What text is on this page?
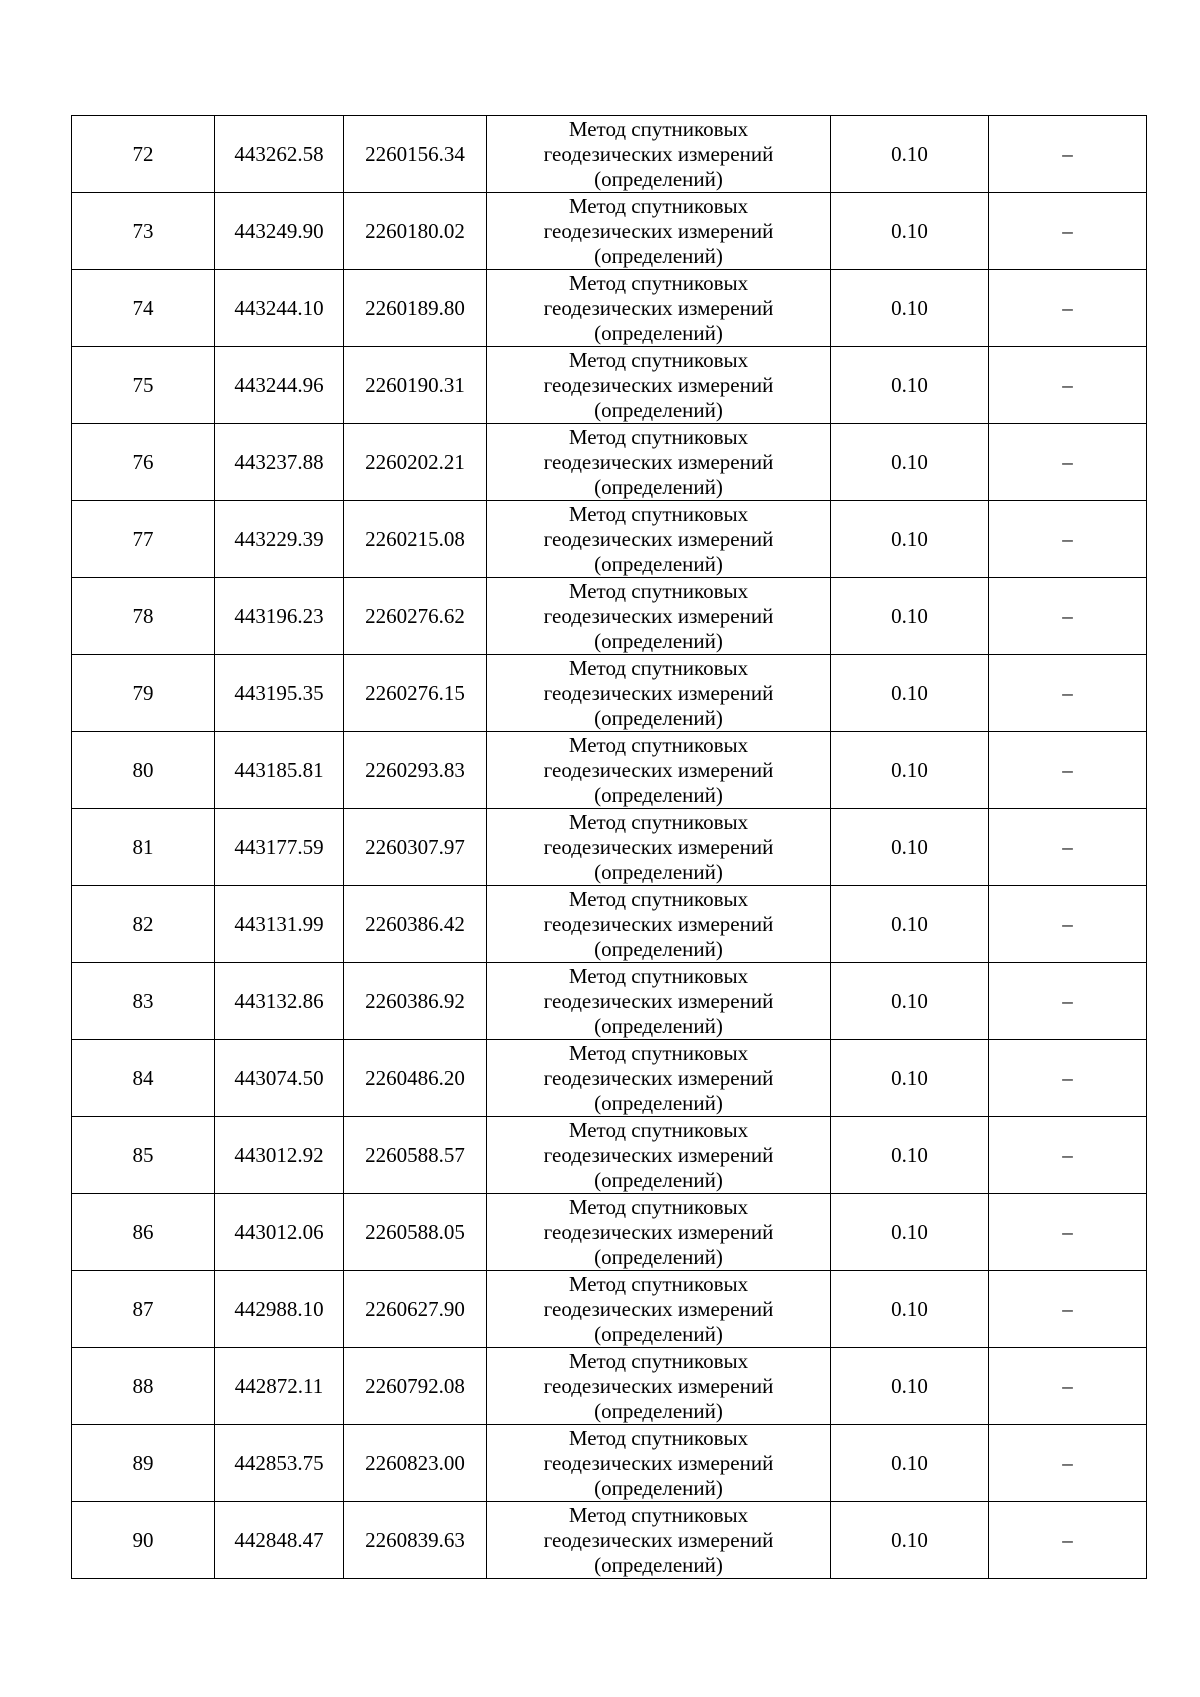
72	443262.58	2260156.34	Метод спутниковых
геодезических измерений
(определений)	0.10	–
73	443249.90	2260180.02	Метод спутниковых
геодезических измерений
(определений)	0.10	–
74	443244.10	2260189.80	Метод спутниковых
геодезических измерений
(определений)	0.10	–
75	443244.96	2260190.31	Метод спутниковых
геодезических измерений
(определений)	0.10	–
76	443237.88	2260202.21	Метод спутниковых
геодезических измерений
(определений)	0.10	–
77	443229.39	2260215.08	Метод спутниковых
геодезических измерений
(определений)	0.10	–
78	443196.23	2260276.62	Метод спутниковых
геодезических измерений
(определений)	0.10	–
79	443195.35	2260276.15	Метод спутниковых
геодезических измерений
(определений)	0.10	–
80	443185.81	2260293.83	Метод спутниковых
геодезических измерений
(определений)	0.10	–
81	443177.59	2260307.97	Метод спутниковых
геодезических измерений
(определений)	0.10	–
82	443131.99	2260386.42	Метод спутниковых
геодезических измерений
(определений)	0.10	–
83	443132.86	2260386.92	Метод спутниковых
геодезических измерений
(определений)	0.10	–
84	443074.50	2260486.20	Метод спутниковых
геодезических измерений
(определений)	0.10	–
85	443012.92	2260588.57	Метод спутниковых
геодезических измерений
(определений)	0.10	–
86	443012.06	2260588.05	Метод спутниковых
геодезических измерений
(определений)	0.10	–
87	442988.10	2260627.90	Метод спутниковых
геодезических измерений
(определений)	0.10	–
88	442872.11	2260792.08	Метод спутниковых
геодезических измерений
(определений)	0.10	–
89	442853.75	2260823.00	Метод спутниковых
геодезических измерений
(определений)	0.10	–
90	442848.47	2260839.63	Метод спутниковых
геодезических измерений
(определений)	0.10	–
